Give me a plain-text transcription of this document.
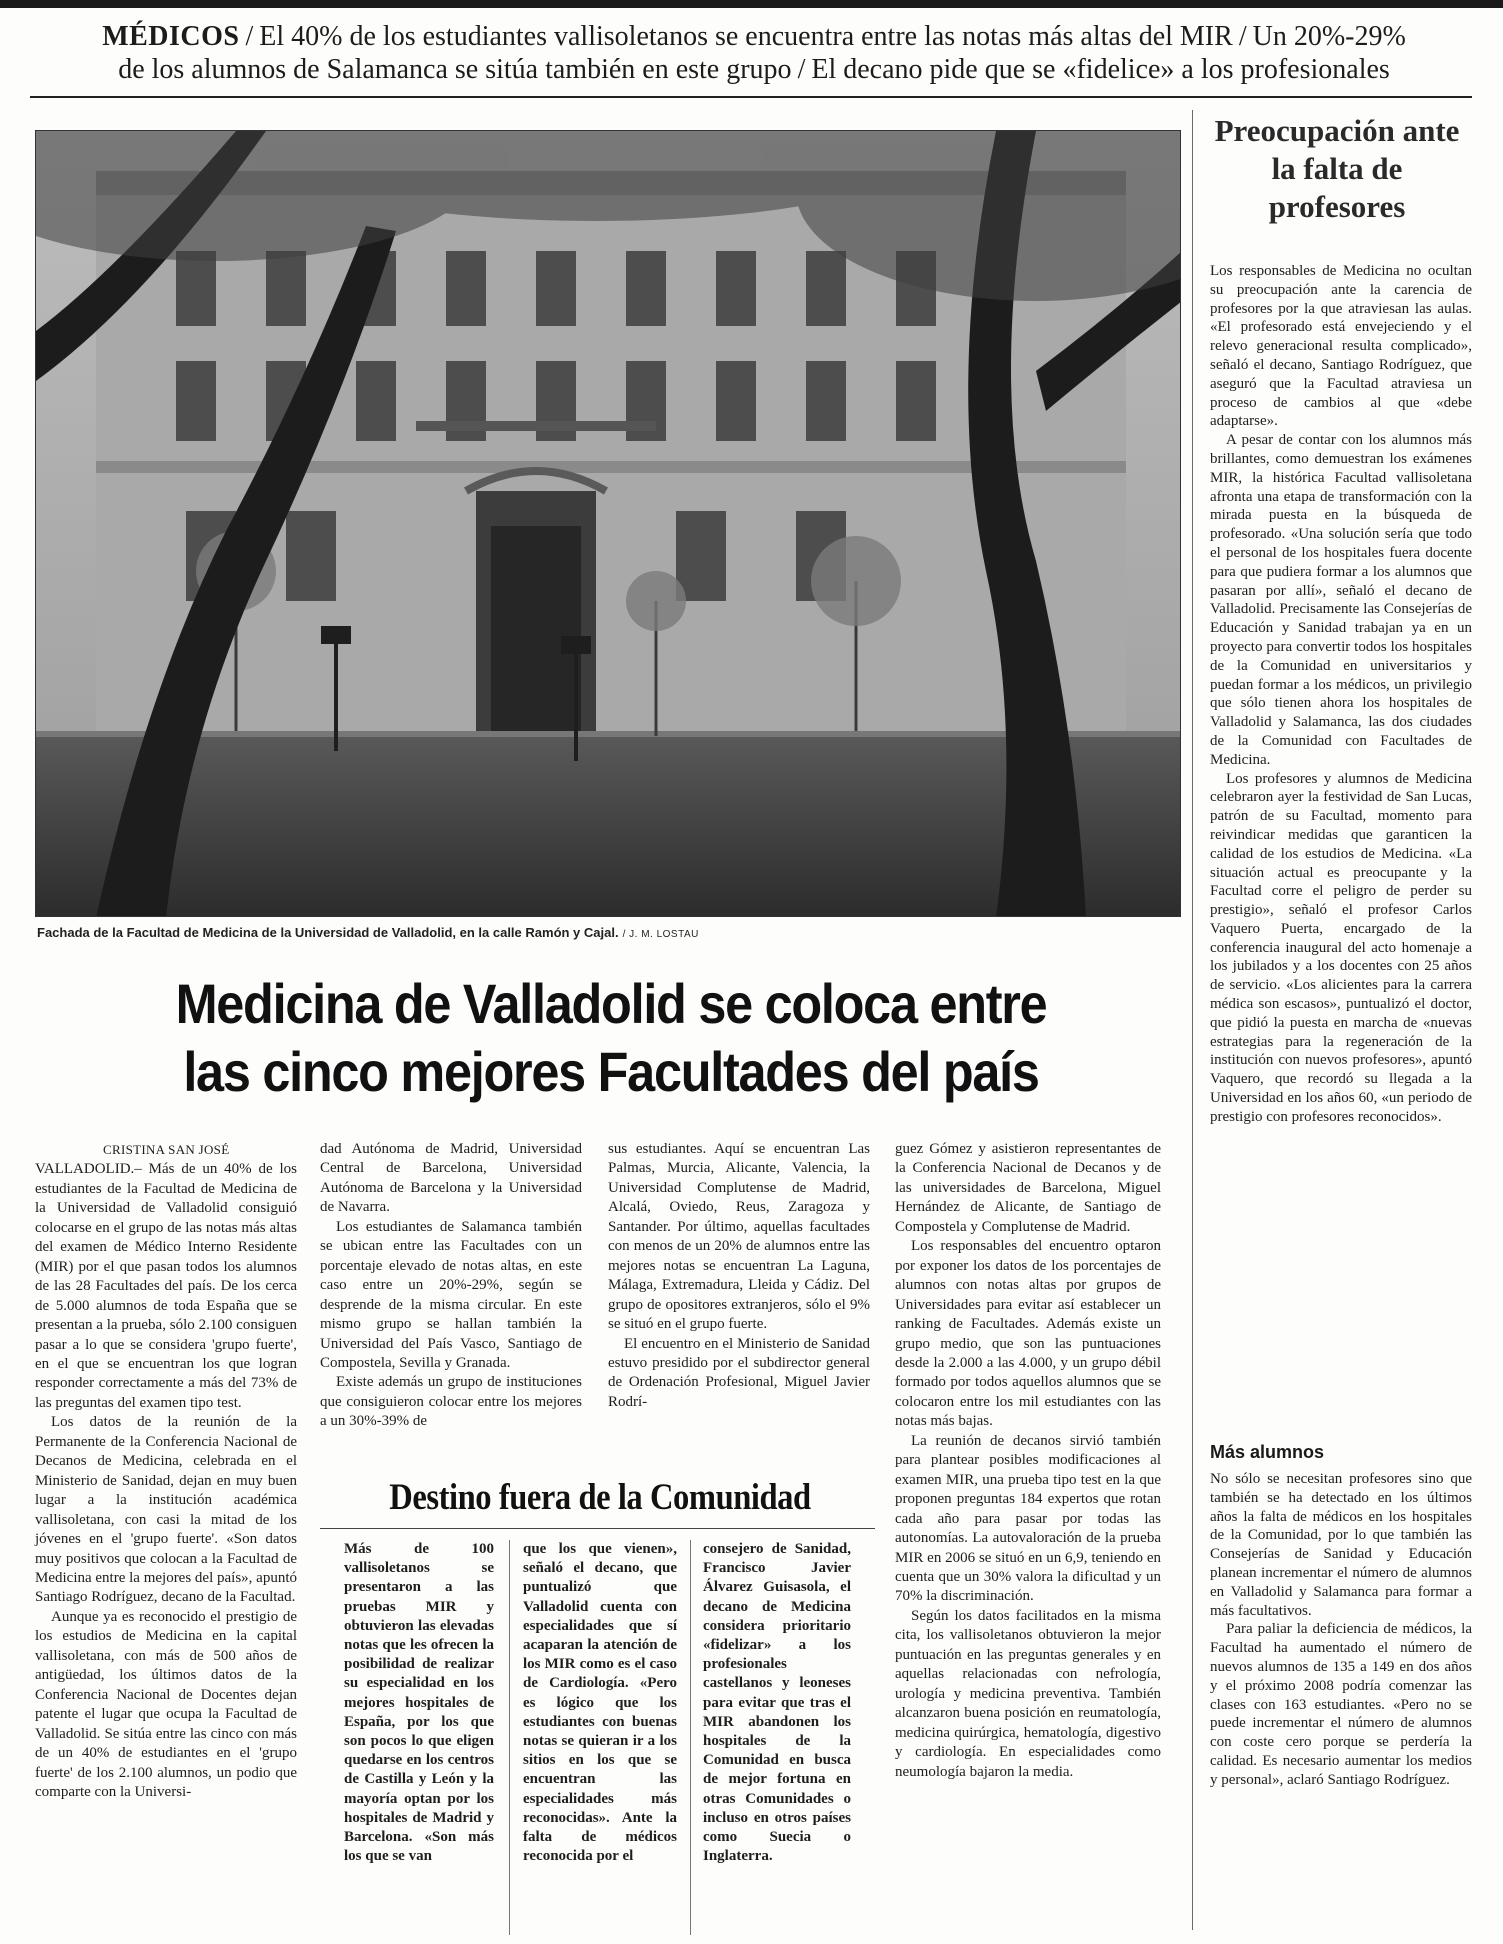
MÉDICOS / El 40% de los estudiantes vallisoletanos se encuentra entre las notas más altas del MIR / Un 20%-29%
de los alumnos de Salamanca se sitúa también en este grupo / El decano pide que se «fidelice» a los profesionales
Fachada de la Facultad de Medicina de la Universidad de Valladolid, en la calle Ramón y Cajal. / J. M. LOSTAU
Medicina de Valladolid se coloca entre
las cinco mejores Facultades del país
CRISTINA SAN JOSÉ

VALLADOLID.– Más de un 40% de los estudiantes de la Facultad de Medicina de la Universidad de Valladolid consiguió colocarse en el grupo de las notas más altas del examen de Médico Interno Residente (MIR) por el que pasan todos los alumnos de las 28 Facultades del país. De los cerca de 5.000 alumnos de toda España que se presentan a la prueba, sólo 2.100 consiguen pasar a lo que se considera 'grupo fuerte', en el que se encuentran los que logran responder correctamente a más del 73% de las preguntas del examen tipo test.

Los datos de la reunión de la Permanente de la Conferencia Nacional de Decanos de Medicina, celebrada en el Ministerio de Sanidad, dejan en muy buen lugar a la institución académica vallisoletana, con casi la mitad de los jóvenes en el 'grupo fuerte'. «Son datos muy positivos que colocan a la Facultad de Medicina entre la mejores del país», apuntó Santiago Rodríguez, decano de la Facultad.

Aunque ya es reconocido el prestigio de los estudios de Medicina en la capital vallisoletana, con más de 500 años de antigüedad, los últimos datos de la Conferencia Nacional de Docentes dejan patente el lugar que ocupa la Facultad de Valladolid. Se sitúa entre las cinco con más de un 40% de estudiantes en el 'grupo fuerte' de los 2.100 alumnos, un podio que comparte con la Universi-

dad Autónoma de Madrid, Universidad Central de Barcelona, Universidad Autónoma de Barcelona y la Universidad de Navarra.

Los estudiantes de Salamanca también se ubican entre las Facultades con un porcentaje elevado de notas altas, en este caso entre un 20%-29%, según se desprende de la misma circular. En este mismo grupo se hallan también la Universidad del País Vasco, Santiago de Compostela, Sevilla y Granada.

Existe además un grupo de instituciones que consiguieron colocar entre los mejores a un 30%-39% de

sus estudiantes. Aquí se encuentran Las Palmas, Murcia, Alicante, Valencia, la Universidad Complutense de Madrid, Alcalá, Oviedo, Reus, Zaragoza y Santander. Por último, aquellas facultades con menos de un 20% de alumnos entre las mejores notas se encuentran La Laguna, Málaga, Extremadura, Lleida y Cádiz. Del grupo de opositores extranjeros, sólo el 9% se situó en el grupo fuerte.

El encuentro en el Ministerio de Sanidad estuvo presidido por el subdirector general de Ordenación Profesional, Miguel Javier Rodrí-

guez Gómez y asistieron representantes de la Conferencia Nacional de Decanos y de las universidades de Barcelona, Miguel Hernández de Alicante, de Santiago de Compostela y Complutense de Madrid.

Los responsables del encuentro optaron por exponer los datos de los porcentajes de alumnos con notas altas por grupos de Universidades para evitar así establecer un ranking de Facultades. Además existe un grupo medio, que son las puntuaciones desde la 2.000 a las 4.000, y un grupo débil formado por todos aquellos alumnos que se colocaron entre los mil estudiantes con las notas más bajas.

La reunión de decanos sirvió también para plantear posibles modificaciones al examen MIR, una prueba tipo test en la que proponen preguntas 184 expertos que rotan cada año para pasar por todas las autonomías. La autovaloración de la prueba MIR en 2006 se situó en un 6,9, teniendo en cuenta que un 30% valora la dificultad y un 70% la discriminación.

Según los datos facilitados en la misma cita, los vallisoletanos obtuvieron la mejor puntuación en las preguntas generales y en aquellas relacionadas con nefrología, urología y medicina preventiva. También alcanzaron buena posición en reumatología, medicina quirúrgica, hematología, digestivo y cardiología. En especialidades como neumología bajaron la media.

Destino fuera de la Comunidad
Más de 100 vallisoletanos se presentaron a las pruebas MIR y obtuvieron las elevadas notas que les ofrecen la posibilidad de realizar su especialidad en los mejores hospitales de España, por los que son pocos lo que eligen quedarse en los centros de Castilla y León y la mayoría optan por los hospitales de Madrid y Barcelona. «Son más los que se van
que los que vienen», señaló el decano, que puntualizó que Valladolid cuenta con especialidades que sí acaparan la atención de los MIR como es el caso de Cardiología. «Pero es lógico que los estudiantes con buenas notas se quieran ir a los sitios en los que se encuentran las especialidades más reconocidas». Ante la falta de médicos reconocida por el
consejero de Sanidad, Francisco Javier Álvarez Guisasola, el decano de Medicina considera prioritario «fidelizar» a los profesionales castellanos y leoneses para evitar que tras el MIR abandonen los hospitales de la Comunidad en busca de mejor fortuna en otras Comunidades o incluso en otros países como Suecia o Inglaterra.
Preocupación ante la falta de profesores

Los responsables de Medicina no ocultan su preocupación ante la carencia de profesores por la que atraviesan las aulas. «El profesorado está envejeciendo y el relevo generacional resulta complicado», señaló el decano, Santiago Rodríguez, que aseguró que la Facultad atraviesa un proceso de cambios al que «debe adaptarse».

A pesar de contar con los alumnos más brillantes, como demuestran los exámenes MIR, la histórica Facultad vallisoletana afronta una etapa de transformación con la mirada puesta en la búsqueda de profesorado. «Una solución sería que todo el personal de los hospitales fuera docente para que pudiera formar a los alumnos que pasaran por allí», señaló el decano de Valladolid. Precisamente las Consejerías de Educación y Sanidad trabajan ya en un proyecto para convertir todos los hospitales de la Comunidad en universitarios y puedan formar a los médicos, un privilegio que sólo tienen ahora los hospitales de Valladolid y Salamanca, las dos ciudades de la Comunidad con Facultades de Medicina.

Los profesores y alumnos de Medicina celebraron ayer la festividad de San Lucas, patrón de su Facultad, momento para reivindicar medidas que garanticen la calidad de los estudios de Medicina. «La situación actual es preocupante y la Facultad corre el peligro de perder su prestigio», señaló el profesor Carlos Vaquero Puerta, encargado de la conferencia inaugural del acto homenaje a los jubilados y a los docentes con 25 años de servicio. «Los alicientes para la carrera médica son escasos», puntualizó el doctor, que pidió la puesta en marcha de «nuevas estrategias para la regeneración de la institución con nuevos profesores», apuntó Vaquero, que recordó su llegada a la Universidad en los años 60, «un periodo de prestigio con profesores reconocidos».

Más alumnos

No sólo se necesitan profesores sino que también se ha detectado en los últimos años la falta de médicos en los hospitales de la Comunidad, por lo que también las Consejerías de Sanidad y Educación planean incrementar el número de alumnos en Valladolid y Salamanca para formar a más facultativos.

Para paliar la deficiencia de médicos, la Facultad ha aumentado el número de nuevos alumnos de 135 a 149 en dos años y el próximo 2008 podría comenzar las clases con 163 estudiantes. «Pero no se puede incrementar el número de alumnos con coste cero porque se perdería la calidad. Es necesario aumentar los medios y personal», aclaró Santiago Rodríguez.
